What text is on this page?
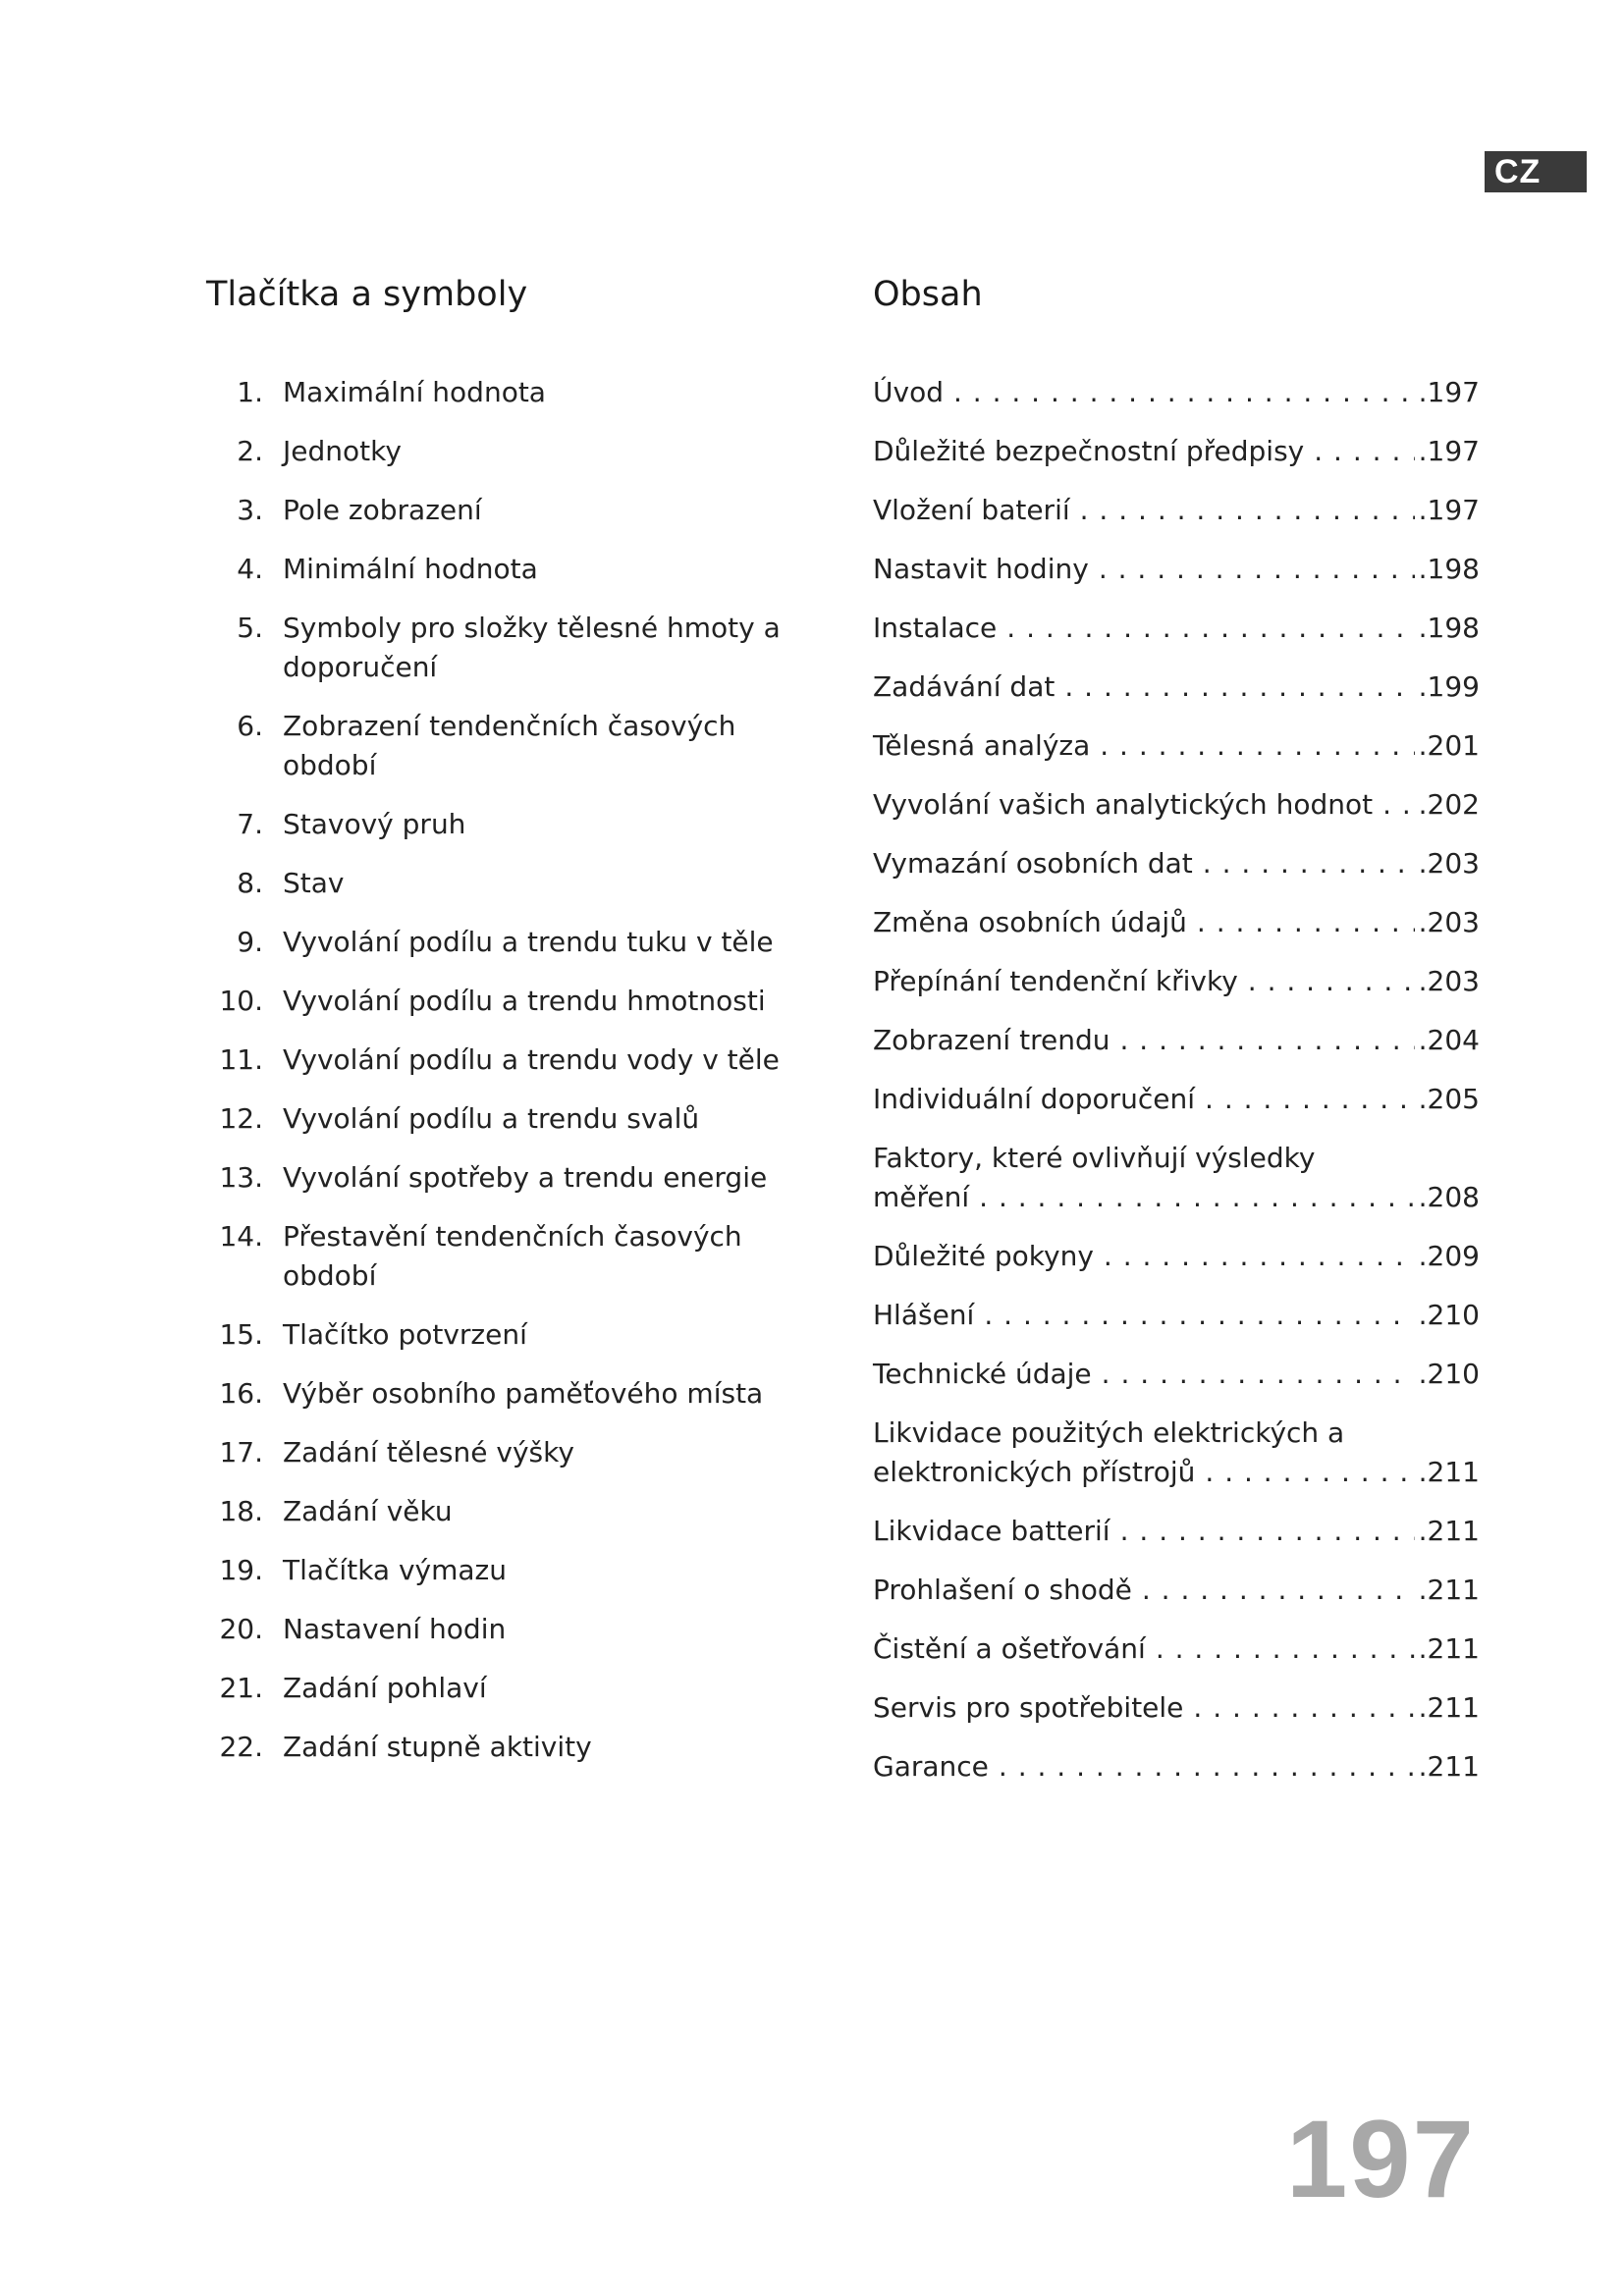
CZ
Tlačítka a symboly	Obsah
1. Maximální hodnota
2. Jednotky
3. Pole zobrazení
4. Minimální hodnota
5. Symboly pro složky tělesné hmoty a doporučení
6. Zobrazení tendenčních časových období
7. Stavový pruh
8. Stav
9. Vyvolání podílu a trendu tuku v těle
10. Vyvolání podílu a trendu hmotnosti
11. Vyvolání podílu a trendu vody v těle
12. Vyvolání podílu a trendu svalů
13. Vyvolání spotřeby a trendu energie
14. Přestavění tendenčních časových období
15. Tlačítko potvrzení
16. Výběr osobního paměťového místa
17. Zadání tělesné výšky
18. Zadání věku
19. Tlačítka výmazu
20. Nastavení hodin
21. Zadání pohlaví
22. Zadání stupně aktivity
Úvod . . .	.197
Důležité bezpečnostní předpisy . . .	.197
Vložení baterií . . .	.197
Nastavit hodiny . . .	.198
Instalace . . .	.198
Zadávání dat . . .	.199
Tělesná analýza . . .	.201
Vyvolání vašich analytických hodnot . . . .202
Vymazání osobních dat . . .	.203
Změna osobních údajů . . .	.203
Přepínání tendenční křivky . . .	.203
Zobrazení trendu . . .	.204
Individuální doporučení . . .	.205
Faktory, které ovlivňují výsledky
měření . . .	.208
Důležité pokyny . . .	.209
Hlášení . . .	.210
Technické údaje . . .	.210
Likvidace použitých elektrických a
elektronických přístrojů . . .	.211
Likvidace batterií . . .	.211
Prohlašení o shodě . . .	.211
Čistění a ošetřování . . .	.211
Servis pro spotřebitele . . .	.211
Garance . . .	.211
197
